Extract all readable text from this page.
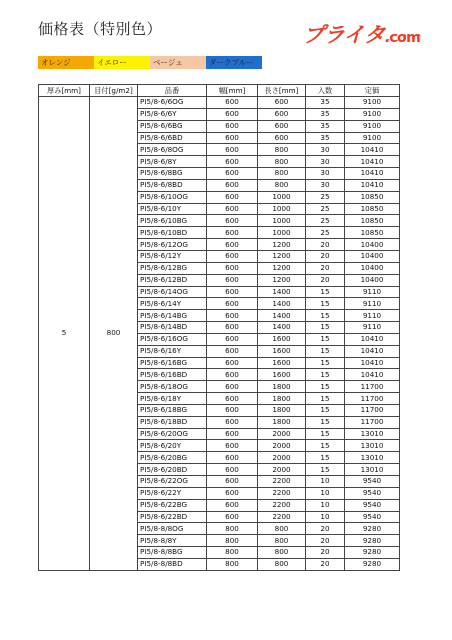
価格表（特別色）	プライタ.com
オレンジ	イエロー	ベージュ	ダークブルー
厚み[mm]	目付[g/m2]	品番	幅[mm]	長さ[mm]	入数	定価
5	800	PI5/8-6/6OG	600	600	35	9100
		PI5/8-6/6Y	600	600	35	9100
		PI5/8-6/6BG	600	600	35	9100
		PI5/8-6/6BD	600	600	35	9100
		PI5/8-6/8OG	600	800	30	10410
		PI5/8-6/8Y	600	800	30	10410
		PI5/8-6/8BG	600	800	30	10410
		PI5/8-6/8BD	600	800	30	10410
		PI5/8-6/10OG	600	1000	25	10850
		PI5/8-6/10Y	600	1000	25	10850
		PI5/8-6/10BG	600	1000	25	10850
		PI5/8-6/10BD	600	1000	25	10850
		PI5/8-6/12OG	600	1200	20	10400
		PI5/8-6/12Y	600	1200	20	10400
		PI5/8-6/12BG	600	1200	20	10400
		PI5/8-6/12BD	600	1200	20	10400
		PI5/8-6/14OG	600	1400	15	9110
		PI5/8-6/14Y	600	1400	15	9110
		PI5/8-6/14BG	600	1400	15	9110
		PI5/8-6/14BD	600	1400	15	9110
		PI5/8-6/16OG	600	1600	15	10410
		PI5/8-6/16Y	600	1600	15	10410
		PI5/8-6/16BG	600	1600	15	10410
		PI5/8-6/16BD	600	1600	15	10410
		PI5/8-6/18OG	600	1800	15	11700
		PI5/8-6/18Y	600	1800	15	11700
		PI5/8-6/18BG	600	1800	15	11700
		PI5/8-6/18BD	600	1800	15	11700
		PI5/8-6/20OG	600	2000	15	13010
		PI5/8-6/20Y	600	2000	15	13010
		PI5/8-6/20BG	600	2000	15	13010
		PI5/8-6/20BD	600	2000	15	13010
		PI5/8-6/22OG	600	2200	10	9540
		PI5/8-6/22Y	600	2200	10	9540
		PI5/8-6/22BG	600	2200	10	9540
		PI5/8-6/22BD	600	2200	10	9540
		PI5/8-8/8OG	800	800	20	9280
		PI5/8-8/8Y	800	800	20	9280
		PI5/8-8/8BG	800	800	20	9280
		PI5/8-8/8BD	800	800	20	9280
